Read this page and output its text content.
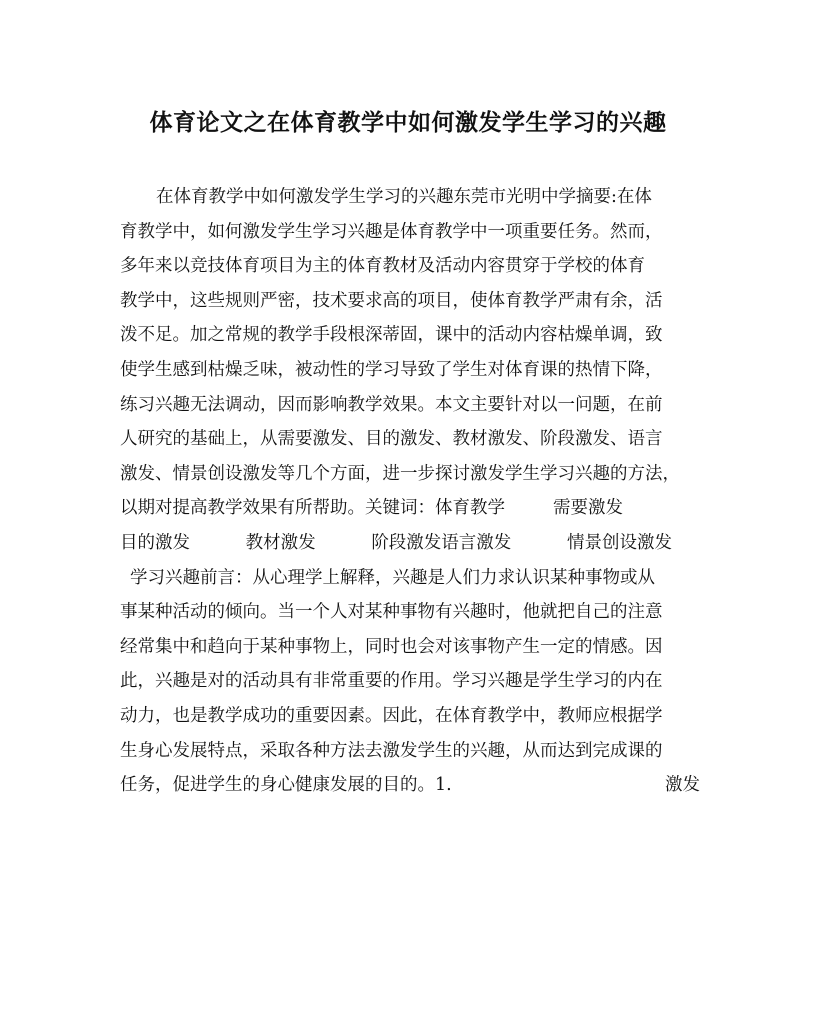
体育论文之在体育教学中如何激发学生学习的兴趣
在体育教学中如何激发学生学习的兴趣东莞市光明中学摘要:在体
育教学中，如何激发学生学习兴趣是体育教学中一项重要任务。然而，
多年来以竞技体育项目为主的体育教材及活动内容贯穿于学校的体育
教学中，这些规则严密，技术要求高的项目，使体育教学严肃有余，活
泼不足。加之常规的教学手段根深蒂固，课中的活动内容枯燥单调，致
使学生感到枯燥乏味，被动性的学习导致了学生对体育课的热情下降，
练习兴趣无法调动，因而影响教学效果。本文主要针对以一问题，在前
人研究的基础上，从需要激发、目的激发、教材激发、阶段激发、语言
激发、情景创设激发等几个方面，进一步探讨激发学生学习兴趣的方法，
以期对提高教学效果有所帮助。关键词：体育教学	需要激发
目的激发	教材激发	阶段激发语言激发	情景创设激发
学习兴趣前言：从心理学上解释，兴趣是人们力求认识某种事物或从
事某种活动的倾向。当一个人对某种事物有兴趣时，他就把自己的注意
经常集中和趋向于某种事物上，同时也会对该事物产生一定的情感。因
此，兴趣是对的活动具有非常重要的作用。学习兴趣是学生学习的内在
动力，也是教学成功的重要因素。因此，在体育教学中，教师应根据学
生身心发展特点，采取各种方法去激发学生的兴趣，从而达到完成课的
任务，促进学生的身心健康发展的目的。1.	激发
